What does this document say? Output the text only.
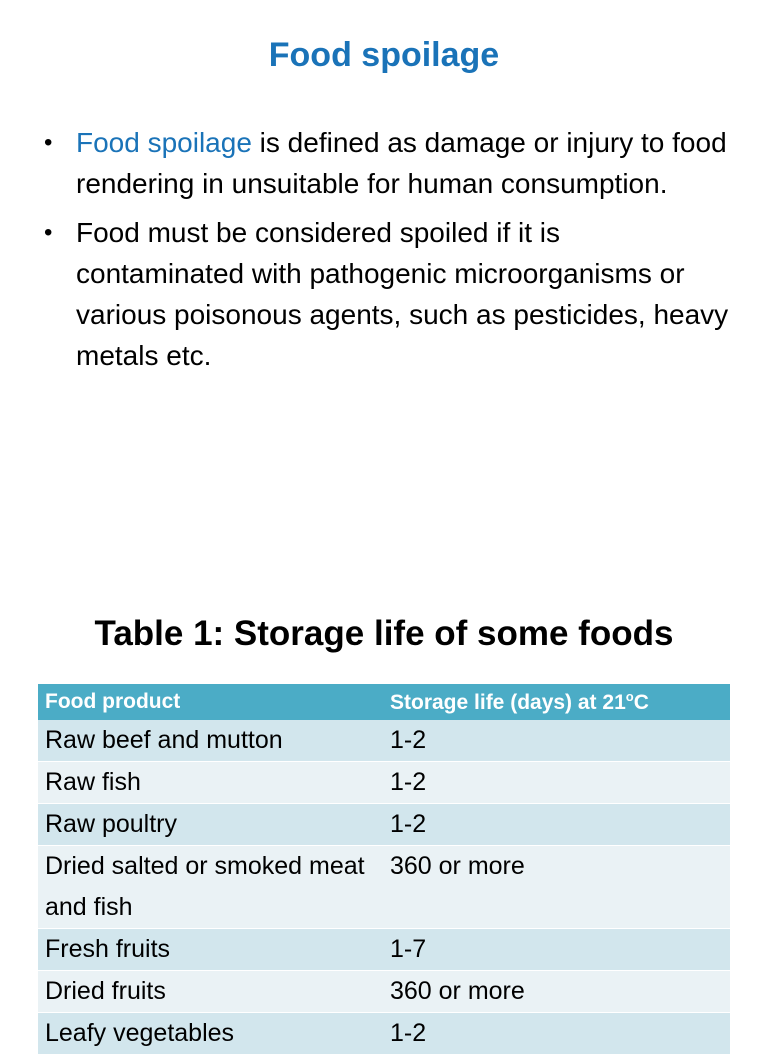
Food spoilage
• Food spoilage is defined as damage or injury to food rendering in unsuitable for human consumption.
• Food must be considered spoiled if it is contaminated with pathogenic microorganisms or various poisonous agents, such as pesticides, heavy metals etc.
Table 1: Storage life of some foods
Food product	Storage life (days) at 21$^o$C
Raw beef and mutton	1-2
Raw fish	1-2
Raw poultry	1-2
Dried salted or smoked meat and fish	360 or more
Fresh fruits	1-7
Dried fruits	360 or more
Leafy vegetables	1-2
